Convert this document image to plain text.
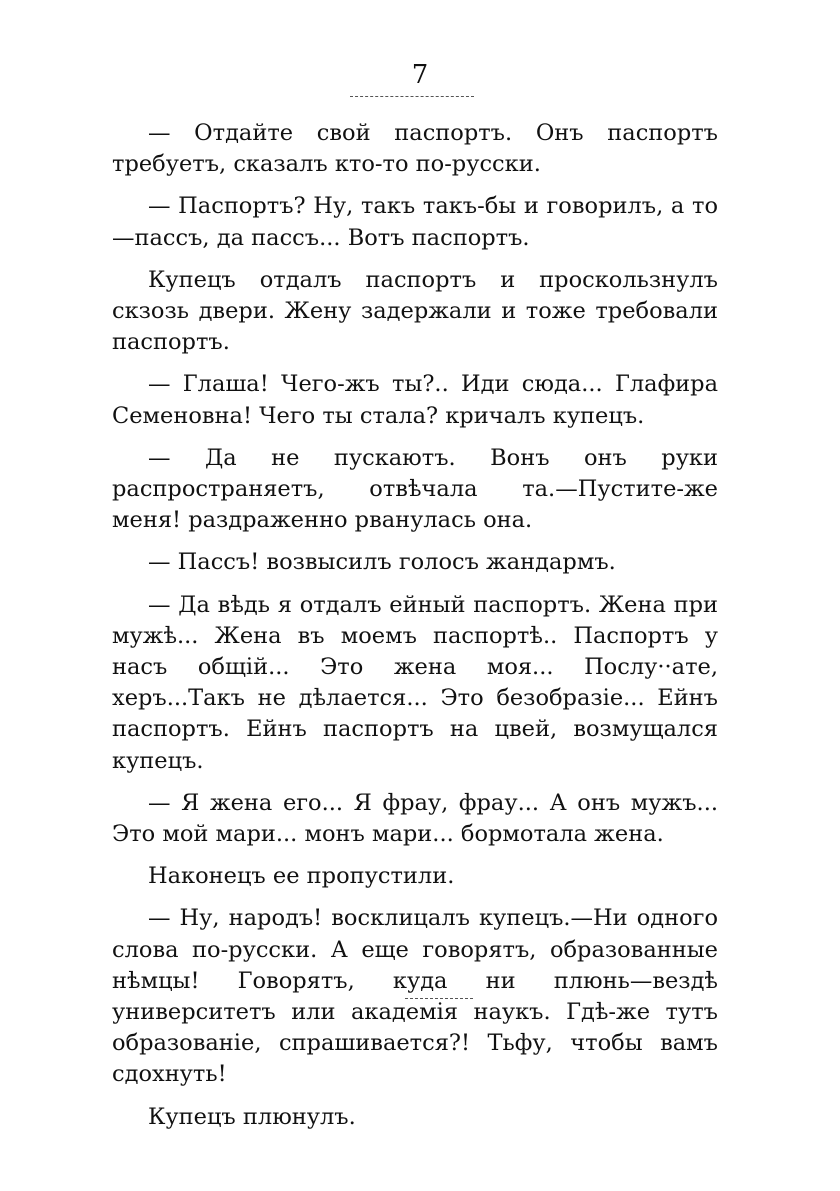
7

— Отдайте свой паспортъ. Онъ паспортъ требуетъ, сказалъ кто-то по-русски.

— Паспортъ? Ну, такъ такъ-бы и говорилъ, а то—пассъ, да пассъ... Вотъ паспортъ.

Купецъ отдалъ паспортъ и проскользнулъ скзозь двери. Жену задержали и тоже требовали паспортъ.

— Глаша! Чего-жъ ты?.. Иди сюда... Глафира Семеновна! Чего ты стала? кричалъ купецъ.

— Да не пускаютъ. Вонъ онъ руки распространяетъ, отвѣчала та.—Пустите-же меня! раздраженно рванулась она.

— Пассъ! возвысилъ голосъ жандармъ.

— Да вѣдь я отдалъ ейный паспортъ. Жена при мужѣ... Жена въ моемъ паспортѣ.. Паспортъ у насъ общій... Это жена моя... Послу··ате, херъ...Такъ не дѣлается... Это безобразіе... Ейнъ паспортъ. Ейнъ паспортъ на цвей, возмущался купецъ.

— Я жена его... Я фрау, фрау... А онъ мужъ... Это мой мари... монъ мари... бормотала жена.

Наконецъ ее пропустили.

— Ну, народъ! восклицалъ купецъ.—Ни одного слова по-русски. А еще говорятъ, образованные нѣмцы! Говорятъ, куда ни плюнь—вездѣ университетъ или академія наукъ. Гдѣ-же тутъ образованіе, спрашивается?! Тьфу, чтобы вамъ сдохнуть!

Купецъ плюнулъ.
